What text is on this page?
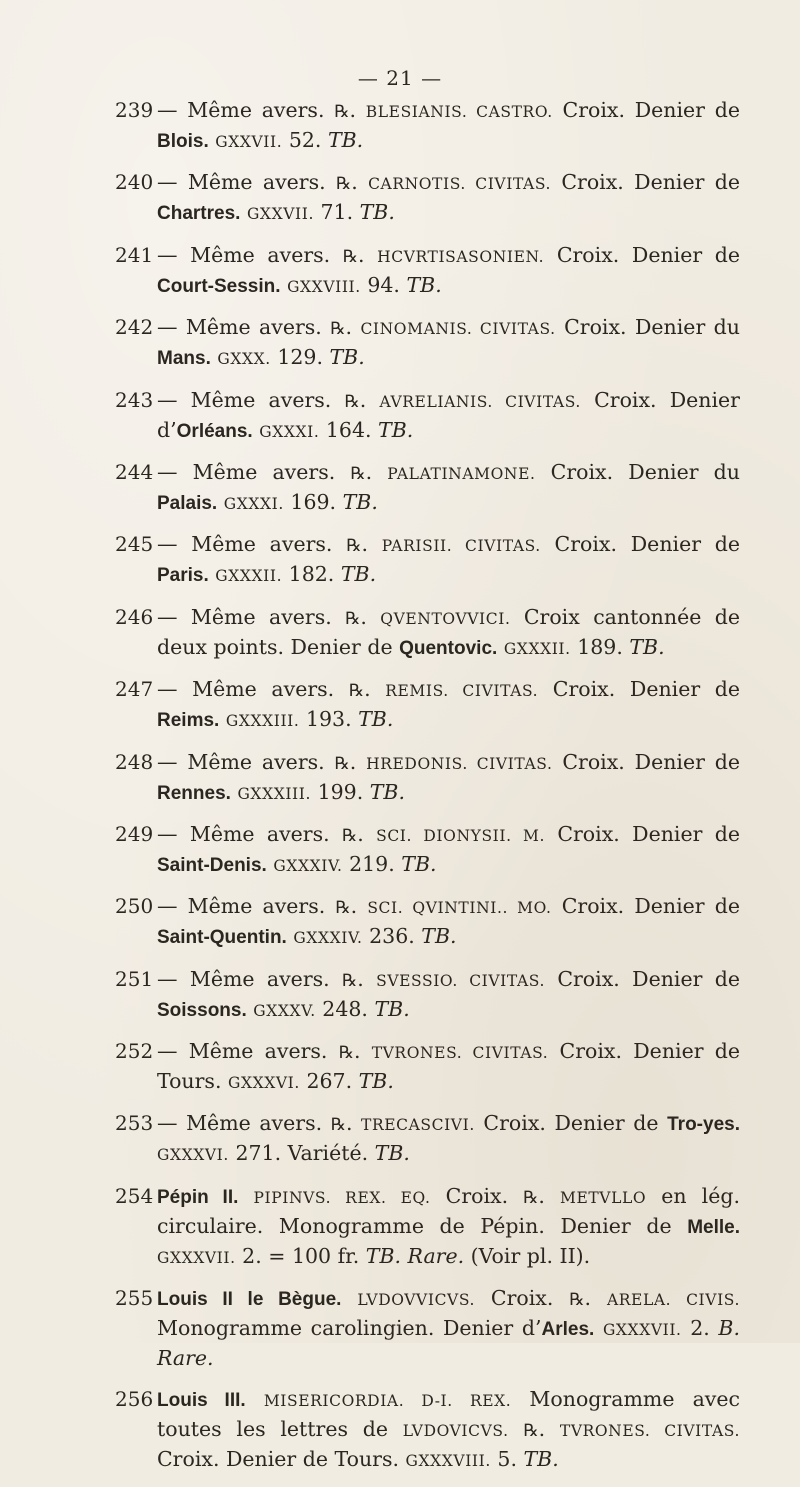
— 21 —
239 — Même avers. ℞. BLESIANIS. CASTRO. Croix. Denier de Blois. GXXVII. 52. TB.
240 — Même avers. ℞. CARNOTIS. CIVITAS. Croix. Denier de Chartres. GXXVII. 71. TB.
241 — Même avers. ℞. HCVRTISASONIEN. Croix. Denier de Court-Sessin. GXXVIII. 94. TB.
242 — Même avers. ℞. CINOMANIS. CIVITAS. Croix. Denier du Mans. GXXX. 129. TB.
243 — Même avers. ℞. AVRELIANIS. CIVITAS. Croix. Denier d’Orléans. GXXXI. 164. TB.
244 — Même avers. ℞. PALATINAMONE. Croix. Denier du Palais. GXXXI. 169. TB.
245 — Même avers. ℞. PARISII. CIVITAS. Croix. Denier de Paris. GXXXII. 182. TB.
246 — Même avers. ℞. QVENTOVVICI. Croix cantonnée de deux points. Denier de Quentovic. GXXXII. 189. TB.
247 — Même avers. ℞. REMIS. CIVITAS. Croix. Denier de Reims. GXXXIII. 193. TB.
248 — Même avers. ℞. HREDONIS. CIVITAS. Croix. Denier de Rennes. GXXXIII. 199. TB.
249 — Même avers. ℞. SCI. DIONYSII. M. Croix. Denier de Saint-Denis. GXXXIV. 219. TB.
250 — Même avers. ℞. SCI. QVINTINI.. MO. Croix. Denier de Saint-Quentin. GXXXIV. 236. TB.
251 — Même avers. ℞. SVESSIO. CIVITAS. Croix. Denier de Soissons. GXXXV. 248. TB.
252 — Même avers. ℞. TVRONES. CIVITAS. Croix. Denier de Tours. GXXXVI. 267. TB.
253 — Même avers. ℞. TRECASCIVI. Croix. Denier de Tro-yes. GXXXVI. 271. Variété. TB.
254 Pépin II. PIPINVS. REX. EQ. Croix. ℞. METVLLO en lég. circulaire. Monogramme de Pépin. Denier de Melle. GXXXVII. 2. = 100 fr. TB. Rare. (Voir pl. II).
255 Louis II le Bègue. LVDOVVICVS. Croix. ℞. ARELA. CIVIS. Monogramme carolingien. Denier d’Arles. GXXXVII. 2. B. Rare.
256 Louis III. MISERICORDIA. D-I. REX. Monogramme avec toutes les lettres de LVDOVICVS. ℞. TVRONES. CIVITAS. Croix. Denier de Tours. GXXXVIII. 5. TB.
